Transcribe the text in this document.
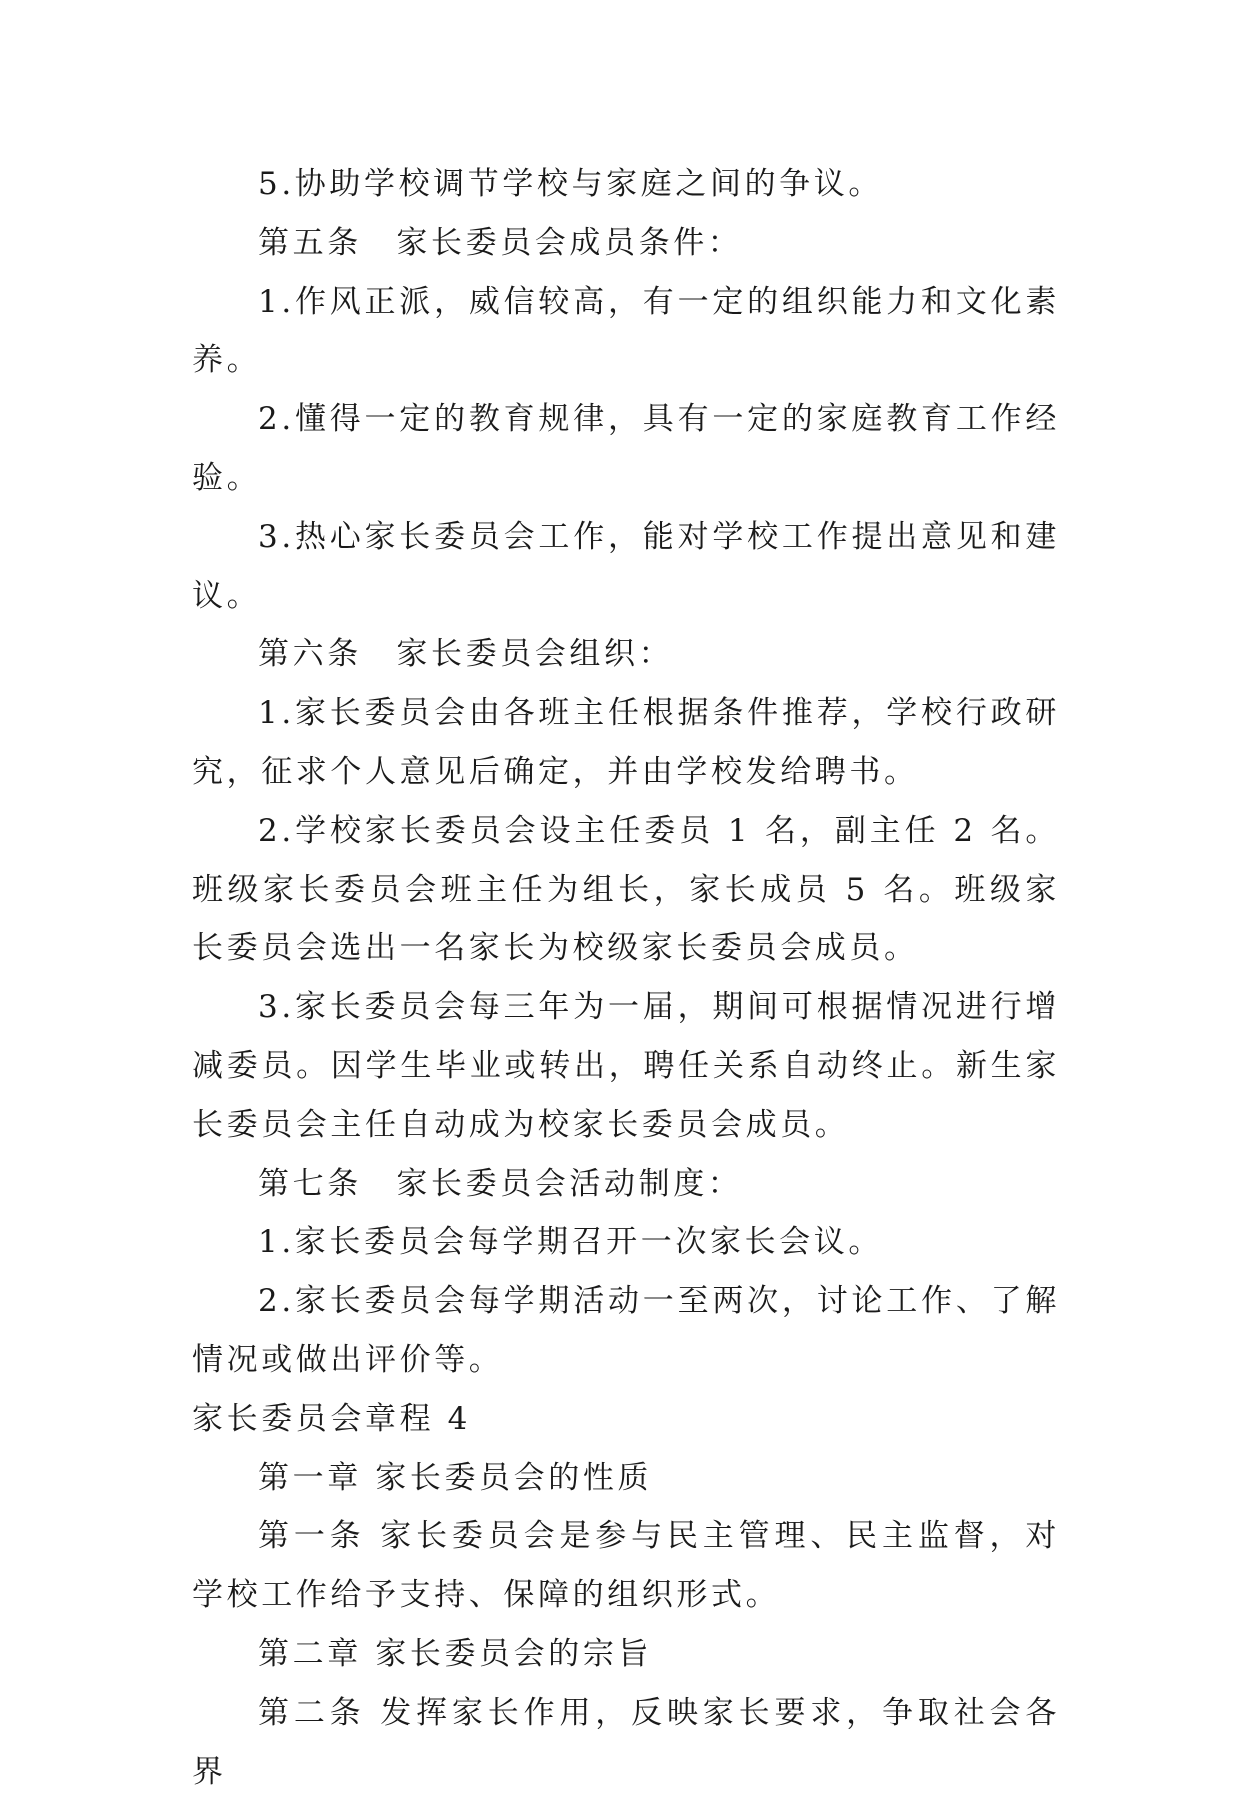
5.协助学校调节学校与家庭之间的争议。

第五条　家长委员会成员条件：

1.作风正派，威信较高，有一定的组织能力和文化素养。

2.懂得一定的教育规律，具有一定的家庭教育工作经验。

3.热心家长委员会工作，能对学校工作提出意见和建议。

第六条　家长委员会组织：

1.家长委员会由各班主任根据条件推荐，学校行政研究，征求个人意见后确定，并由学校发给聘书。

2.学校家长委员会设主任委员 1 名，副主任 2 名。班级家长委员会班主任为组长，家长成员 5 名。班级家长委员会选出一名家长为校级家长委员会成员。

3.家长委员会每三年为一届，期间可根据情况进行增减委员。因学生毕业或转出，聘任关系自动终止。新生家长委员会主任自动成为校家长委员会成员。

第七条　家长委员会活动制度：

1.家长委员会每学期召开一次家长会议。

2.家长委员会每学期活动一至两次，讨论工作、了解情况或做出评价等。

家长委员会章程 4

第一章 家长委员会的性质

第一条 家长委员会是参与民主管理、民主监督，对学校工作给予支持、保障的组织形式。

第二章 家长委员会的宗旨

第二条 发挥家长作用，反映家长要求，争取社会各界
